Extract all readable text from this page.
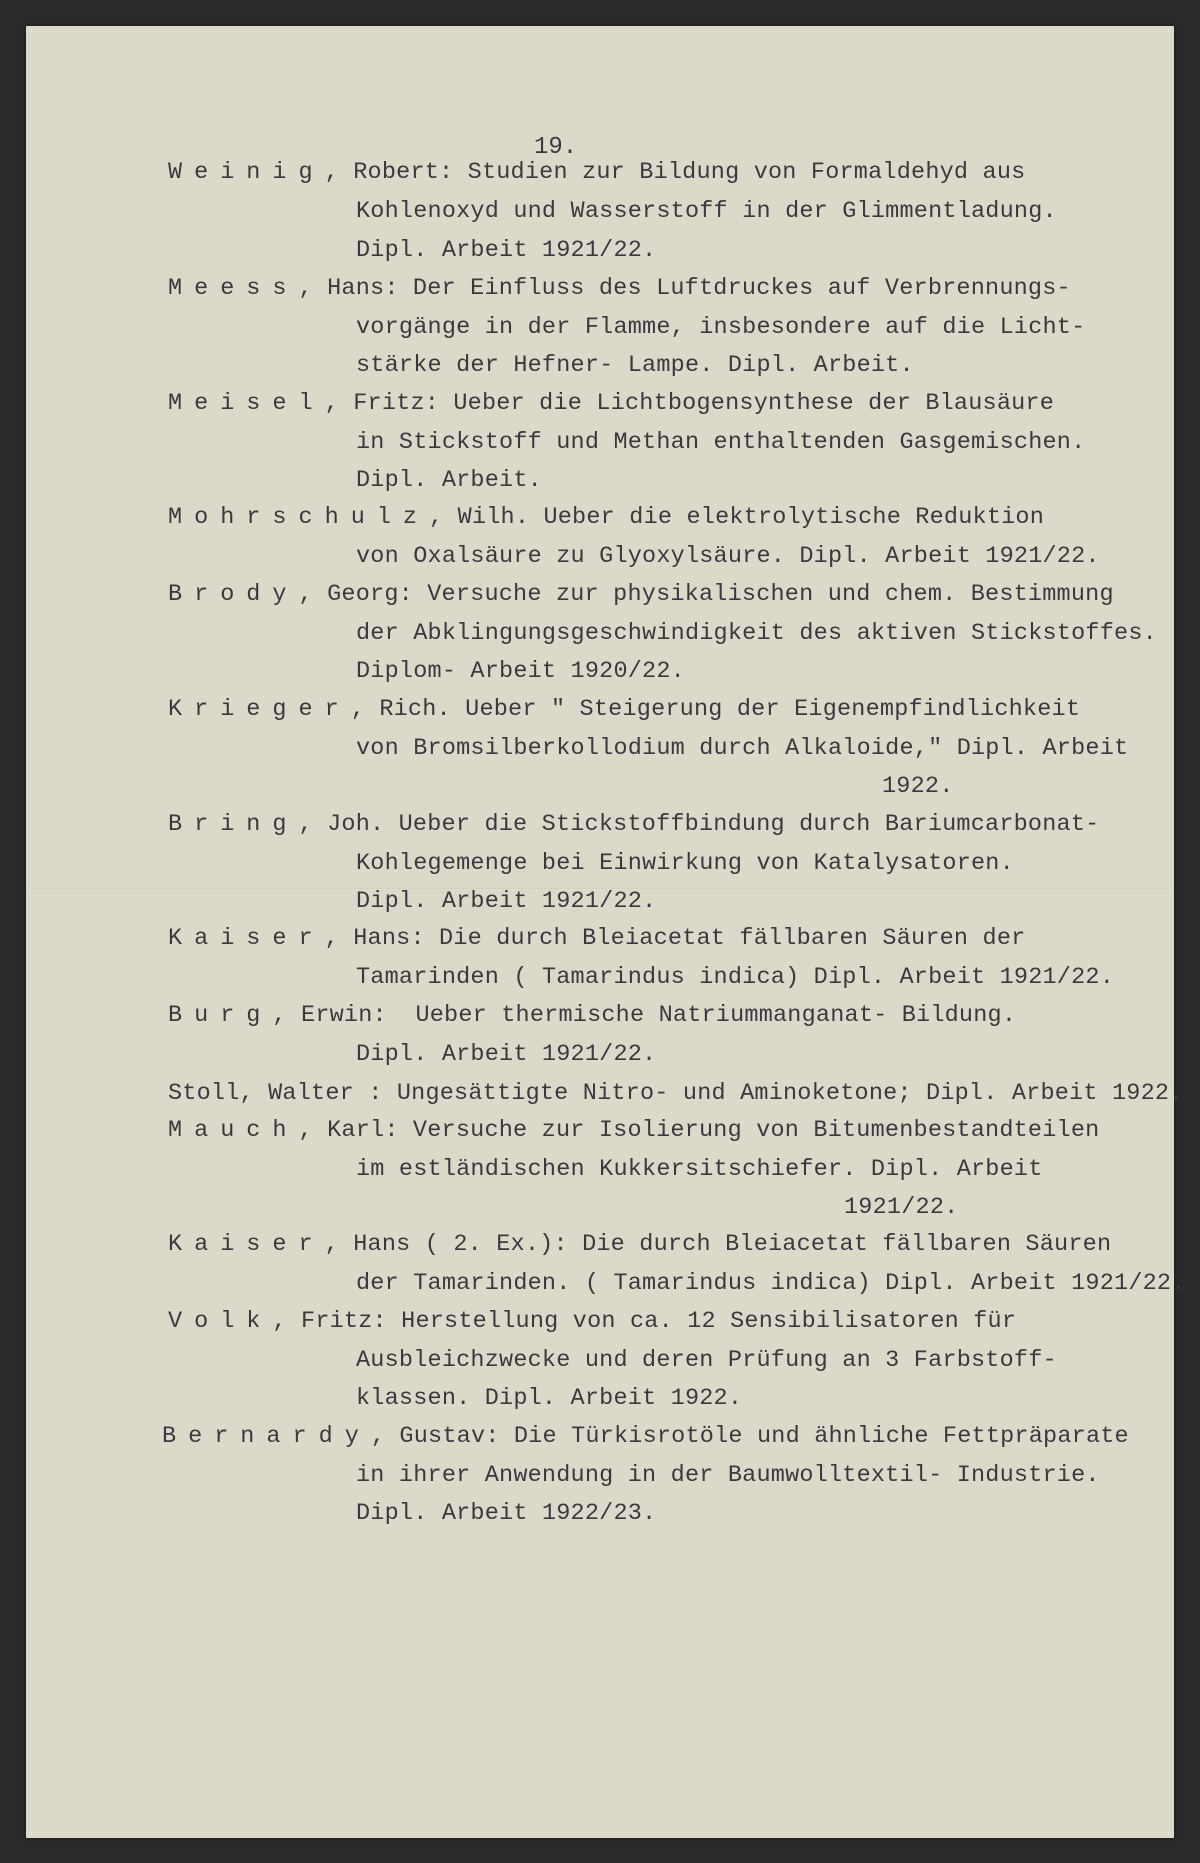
19.

Weinig, Robert: Studien zur Bildung von Formaldehyd aus

Kohlenoxyd und Wasserstoff in der Glimmentladung.

Dipl. Arbeit 1921/22.

Meess, Hans: Der Einfluss des Luftdruckes auf Verbrennungs-

vorgänge in der Flamme, insbesondere auf die Licht-

stärke der Hefner- Lampe. Dipl. Arbeit.

Meisel, Fritz: Ueber die Lichtbogensynthese der Blausäure

in Stickstoff und Methan enthaltenden Gasgemischen.

Dipl. Arbeit.

Mohrschulz, Wilh. Ueber die elektrolytische Reduktion

von Oxalsäure zu Glyoxylsäure. Dipl. Arbeit 1921/22.

Brody, Georg: Versuche zur physikalischen und chem. Bestimmung

der Abklingungsgeschwindigkeit des aktiven Stickstoffes.

Diplom- Arbeit 1920/22.

Krieger, Rich. Ueber " Steigerung der Eigenempfindlichkeit

von Bromsilberkollodium durch Alkaloide," Dipl. Arbeit

1922.

Bring, Joh. Ueber die Stickstoffbindung durch Bariumcarbonat-

Kohlegemenge bei Einwirkung von Katalysatoren.

Dipl. Arbeit 1921/22.

Kaiser, Hans: Die durch Bleiacetat fällbaren Säuren der

Tamarinden ( Tamarindus indica) Dipl. Arbeit 1921/22.

Burg, Erwin:  Ueber thermische Natriummanganat- Bildung.

Dipl. Arbeit 1921/22.

Stoll, Walter : Ungesättigte Nitro- und Aminoketone; Dipl. Arbeit 1922.

Mauch, Karl: Versuche zur Isolierung von Bitumenbestandteilen

im estländischen Kukkersitschiefer. Dipl. Arbeit

1921/22.

Kaiser, Hans ( 2. Ex.): Die durch Bleiacetat fällbaren Säuren

der Tamarinden. ( Tamarindus indica) Dipl. Arbeit 1921/22.

Volk, Fritz: Herstellung von ca. 12 Sensibilisatoren für

Ausbleichzwecke und deren Prüfung an 3 Farbstoff-

klassen. Dipl. Arbeit 1922.

Bernardy, Gustav: Die Türkisrotöle und ähnliche Fettpräparate

in ihrer Anwendung in der Baumwolltextil- Industrie.

Dipl. Arbeit 1922/23.
